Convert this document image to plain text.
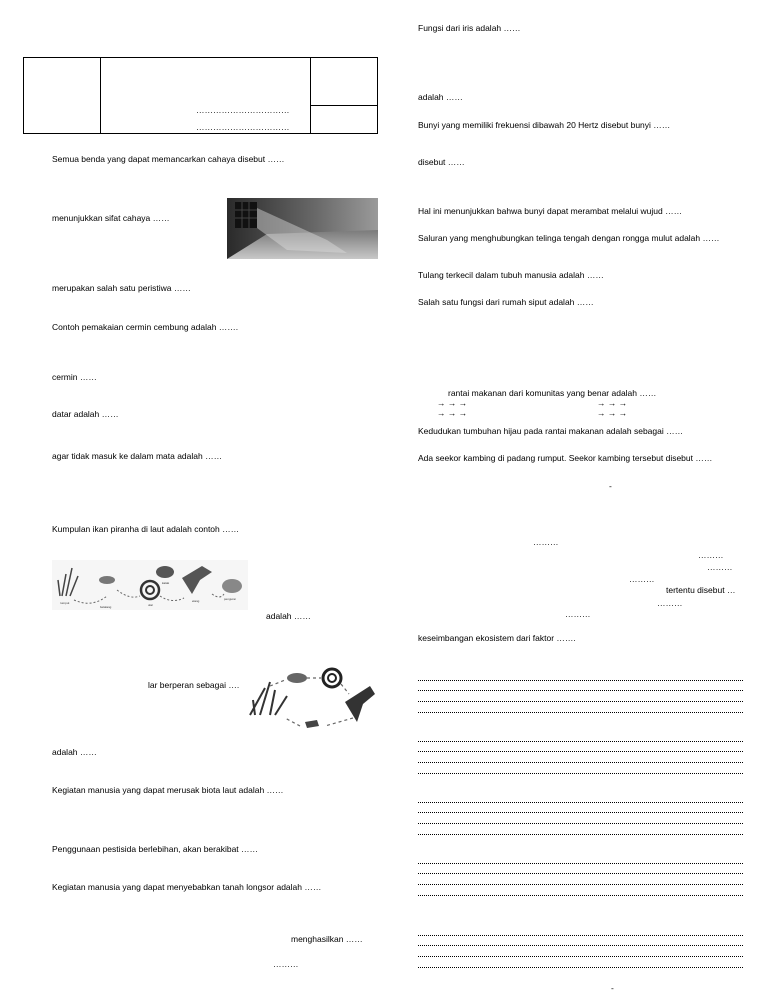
……………………………
……………………………
Semua benda yang dapat memancarkan cahaya disebut ……
menunjukkan sifat cahaya ……
merupakan salah satu peristiwa ……
Contoh pemakaian cermin cembung adalah …….
cermin ……
datar adalah ……
agar tidak masuk ke dalam mata adalah ……
Kumpulan ikan piranha di laut adalah contoh ……
rumput
belalang
katak
ular
elang	pengurai
adalah ……
lar berperan sebagai ….
adalah ……
Kegiatan manusia yang dapat merusak biota laut adalah ……
Penggunaan pestisida berlebihan, akan berakibat ……
Kegiatan manusia yang dapat menyebabkan tanah longsor adalah ……
menghasilkan ……
………
Fungsi dari iris adalah ……
adalah ……
Bunyi yang memiliki frekuensi dibawah 20 Hertz disebut bunyi ……
disebut ……
Hal ini menunjukkan bahwa bunyi dapat merambat melalui wujud ……
Saluran yang menghubungkan telinga tengah dengan rongga mulut adalah ……
Tulang terkecil dalam tubuh manusia adalah ……
Salah satu fungsi dari rumah siput adalah ……
rantai makanan dari komunitas yang benar adalah ……
→ → →
→ → →
→ → →
→ → →
Kedudukan tumbuhan hijau pada rantai makanan adalah sebagai ……
Ada seekor kambing di padang rumput. Seekor kambing tersebut disebut ……
-
………
………
………
………
tertentu disebut …
………
………
keseimbangan ekosistem dari faktor …….
-
